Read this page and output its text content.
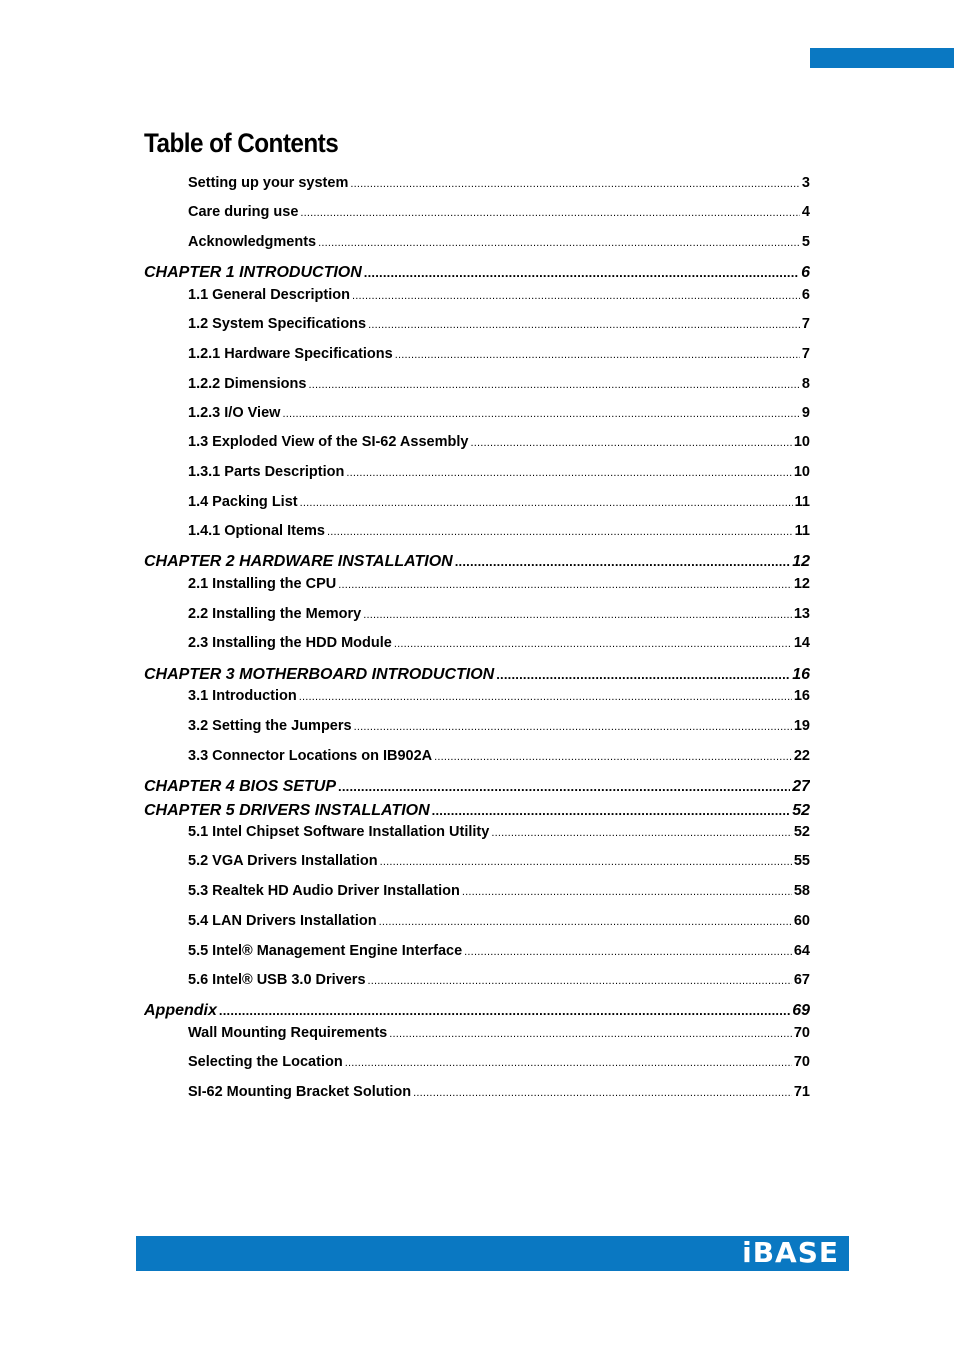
Table of Contents
Setting up your system .....	3
Care during use .....	4
Acknowledgments .....	5
CHAPTER 1 INTRODUCTION .....	6
1.1 General Description .....	6
1.2 System Specifications .....	7
1.2.1 Hardware Specifications .....	7
1.2.2 Dimensions .....	8
1.2.3 I/O View .....	9
1.3 Exploded View of the SI-62 Assembly .....	10
1.3.1 Parts Description .....	10
1.4 Packing List .....	11
1.4.1 Optional Items .....	11
CHAPTER 2 HARDWARE INSTALLATION .....	12
2.1 Installing the CPU .....	12
2.2 Installing the Memory .....	13
2.3 Installing the HDD Module .....	14
CHAPTER 3 MOTHERBOARD INTRODUCTION .....	16
3.1 Introduction .....	16
3.2 Setting the Jumpers .....	19
3.3 Connector Locations on IB902A .....	22
CHAPTER 4 BIOS SETUP .....	27
CHAPTER 5 DRIVERS INSTALLATION .....	52
5.1 Intel Chipset Software Installation Utility .....	52
5.2 VGA Drivers Installation .....	55
5.3 Realtek HD Audio Driver Installation .....	58
5.4 LAN Drivers Installation .....	60
5.5 Intel® Management Engine Interface .....	64
5.6 Intel® USB 3.0 Drivers .....	67
Appendix .....	69
Wall Mounting Requirements .....	70
Selecting the Location .....	70
SI-62 Mounting Bracket Solution .....	71
iBASE
